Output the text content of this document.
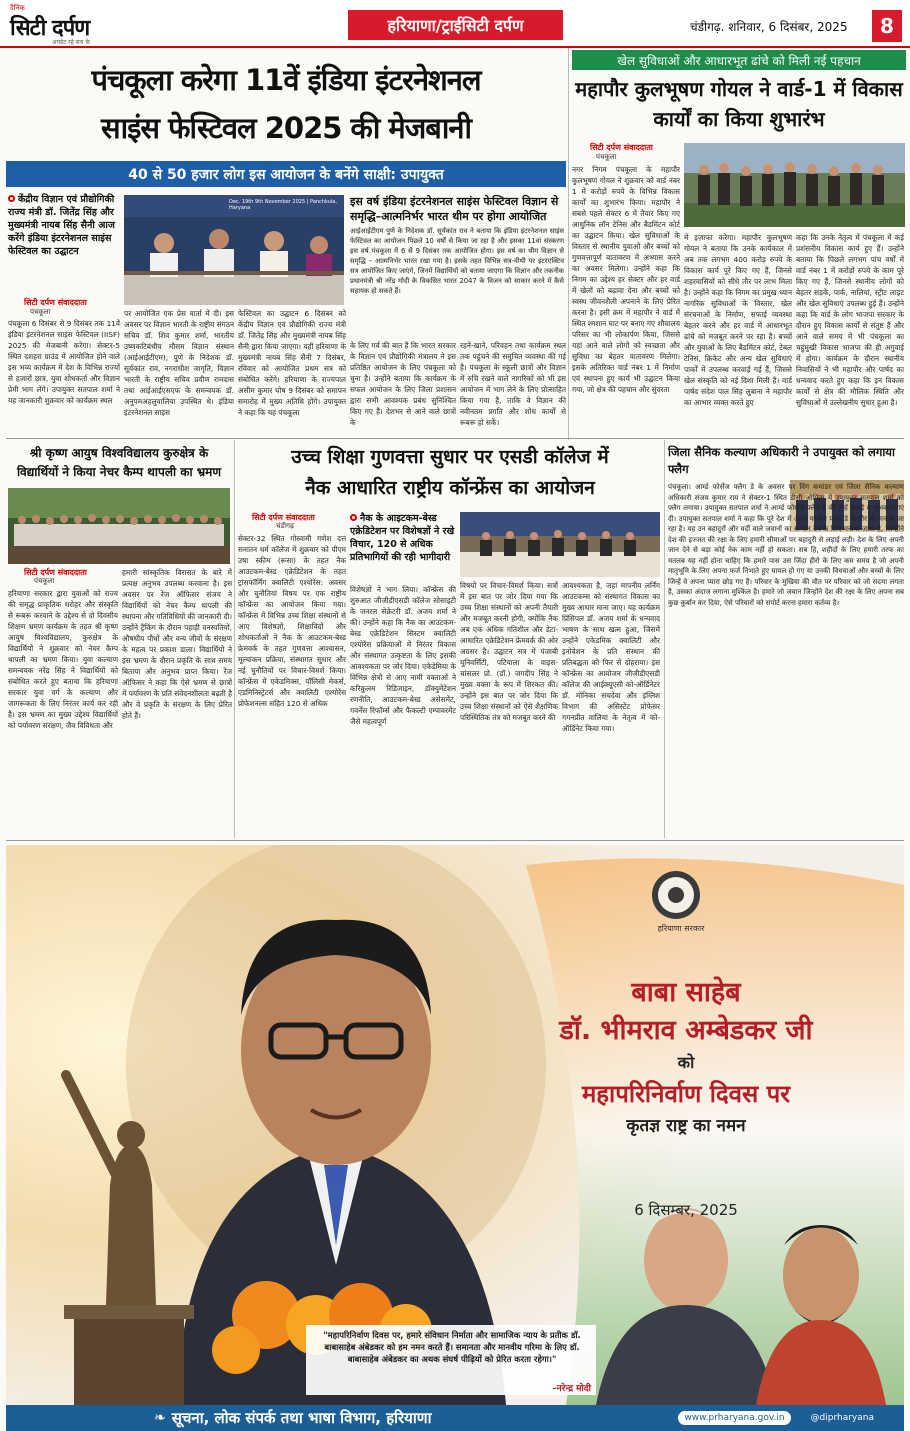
दैनिक
सिटी दर्पण
अपडेट रहे सच के
हरियाणा/ट्राईसिटी दर्पण	चंडीगढ़. शनिवार, 6 दिसंबर, 2025	8
पंचकूला करेगा 11वें इंडिया इंटरनेशनल
साइंस फेस्टिवल 2025 की मेजबानी
40 से 50 हजार लोग इस आयोजन के बनेंगे साक्षी: उपायुक्त
केंद्रीय विज्ञान एवं प्रौद्योगिकी राज्य मंत्री डॉ. जितेंद्र सिंह और मुख्यमंत्री नायब सिंह सैनी आज करेंगे इंडिया इंटरनेशनल साइंस फेस्टिवल का उद्घाटन
सिटी दर्पण संवाददाता
पंचकूला
पंचकूला 6 दिसंबर से 9 दिसंबर तक 11वें इंडिया इंटरनेशनल साइंस फेस्टिवल (IISF) 2025 की मेजबानी करेगा। सेक्टर-5 स्थित दशहरा ग्राउंड में आयोजित होने वाले इस भव्य कार्यक्रम में देश के विभिन्न राज्यों से हजारों छात्र, युवा शोधकर्ता और विज्ञान प्रेमी भाग लेंगे। उपायुक्त सतपाल शर्मा ने यह जानकारी शुक्रवार को कार्यक्रम स्थल
Dec. 19th 9th November 2025 | Panchkula, Haryana
पर आयोजित एक प्रेस वार्ता में दी। इस अवसर पर विज्ञान भारती के राष्ट्रीय संगठन सचिव डॉ. शिव कुमार शर्मा, भारतीय उष्णकटिबंधीय मौसम विज्ञान संस्थान (आईआईटीएम), पुणे के निदेशक डॉ. सूर्यकांत राव, नगराधीश जागृति, विज्ञान भारती के राष्ट्रीय सचिव प्रवीण रामदास तथा आईआईएसएफ के समन्वयक डॉ. अनुपमअहलुवालिया उपस्थित थे। इंडिया इंटरनेशनल साइंस
फेस्टिवल का उद्घाटन 6 दिसंबर को केंद्रीय विज्ञान एवं प्रौद्योगिकी राज्य मंत्री डॉ. जितेंद्र सिंह और मुख्यमंत्री नायब सिंह सैनी द्वारा किया जाएगा। वहीं हरियाणा के मुख्यमंत्री नायब सिंह सैनी 7 दिसंबर, रविवार को आयोजित प्रथम सत्र को संबोधित करेंगे। हरियाणा के राज्यपाल असीम कुमार घोष 9 दिसंबर को समापन समारोह में मुख्य अतिथि होंगे। उपायुक्त ने कहा कि यह पंचकूला
इस वर्ष इंडिया इंटरनेशनल साइंस फेस्टिवल विज्ञान से समृद्धि–आत्मनिर्भर भारत थीम पर होगा आयोजित
आईआईटीएम पुणे के निदेशक डॉ. सूर्यकांत राव ने बताया कि इंडिया इंटरनेशनल साइंस फेस्टिवल का आयोजन पिछले 10 वर्षों से किया जा रहा है और इसका 11वां संस्करण इस वर्ष पंचकूला में 6 से 9 दिसंबर तक आयोजित होगा। इस वर्ष का थीम विज्ञान से समृद्धि – आत्मनिर्भर भारत रखा गया है। इसके तहत विभिन्न सत्र-वीथी पर इंटरएक्टिव सत्र आयोजित किए जाएंगे, जिनमें विद्यार्थियों को बताया जाएगा कि विज्ञान और तकनीक प्रधानमंत्री श्री नरेंद्र मोदी के विकसित भारत 2047 के विजन को साकार करने में कैसे सहायक हो सकते हैं।
के लिए गर्व की बात है कि भारत सरकार के विज्ञान एवं प्रौद्योगिकी मंत्रालय ने इस प्रतिष्ठित आयोजन के लिए पंचकूला को चुना है। उन्होंने बताया कि कार्यक्रम के सफल आयोजन के लिए जिला प्रशासन द्वारा सभी आवश्यक प्रबंध सुनिश्चित किए गए हैं। देशभर से आने वाले छात्रों के
रहने-खाने, परिवहन तथा कार्यक्रम स्थल तक पहुंचने की समुचित व्यवस्था की गई है। पंचकूला के स्कूली छात्रों और विज्ञान में रुचि रखने वाले नागरिकों को भी इस आयोजन में भाग लेने के लिए प्रोत्साहित किया गया है, ताकि वे विज्ञान की नवीनतम प्रगति और शोध कार्यों से रूबरू हो सकें।
खेल सुविधाओं और आधारभूत ढांचे को मिली नई पहचान
महापौर कुलभूषण गोयल ने वार्ड-1 में विकास कार्यों का किया शुभारंभ
सिटी दर्पण संवाददाता
पंचकूला
नगर निगम पंचकूला के महापौर कुलभूषण गोयल ने शुक्रवार को वार्ड नंबर 1 में करोड़ों रुपये के विभिन्न विकास कार्यों का शुभारंभ किया। महापौर ने सबसे पहले सेक्टर 6 में तैयार किए गए आधुनिक लॉन टेनिस और बैडमिंटन कोर्ट का उद्घाटन किया। खेल सुविधाओं के विस्तार से स्थानीय युवाओं और बच्चों को गुणवत्तापूर्ण वातावरण में अभ्यास करने का अवसर मिलेगा। उन्होंने कहा कि निगम का उद्देश्य हर सेक्टर और हर वार्ड में खेलों को बढ़ावा देना और बच्चों को स्वस्थ जीवनशैली अपनाने के लिए प्रेरित करना है। इसी क्रम में महापौर ने वार्ड में स्थित श्मशान घाट पर बनाए गए शौचालय परिसर का भी लोकार्पण किया, जिससे यहां आने वाले लोगों को स्वच्छता और सुविधा का बेहतर वातावरण मिलेगा। इसके अतिरिक्त वार्ड नंबर 1 में निर्माण एवं स्थापना हुए कार्य भी उद्घाटन किया गया, जो क्षेत्र की पहचान और सुंदरता
में इज़ाफा करेगा। महापौर कुलभूषण गोयल ने बताया कि उनके कार्यकाल में अब तक लगभग 400 करोड़ रुपये के विकास कार्य पूरे किए गए हैं, जिनसे शहरवासियों को सीधे तौर पर लाभ मिला है। उन्होंने कहा कि निगम का प्रमुख ध्यान नागरिक सुविधाओं के विस्तार, खेल संरचनाओं के निर्माण, सफाई व्यवस्था बेहतर करने और हर वार्ड में आधारभूत ढांचे को मजबूत करने पर रहा है। बच्चों और युवाओं के लिए बैडमिंटन कोर्ट, टेबल टेनिस, क्रिकेट और अन्य खेल सुविधाएं पार्कों में उपलब्ध करवाई गई हैं, जिससे खेल संस्कृति को नई दिशा मिली है। वार्ड पार्षद संदेश पाल सिंह लुबाना ने महापौर का आभार व्यक्त करते हुए
कहा कि उनके नेतृत्व में पंचकूला में कई प्रशंसनीय विकास कार्य हुए हैं। उन्होंने बताया कि पिछले लगभग पांच वर्षों में वार्ड नंबर 1 में करोड़ों रुपये के काम पूरे किए गए हैं, जिनसे स्थानीय लोगों को बेहतर सड़कें, पार्क, नालियां, स्ट्रीट लाइट और खेल सुविधाएं उपलब्ध हुई हैं। उन्होंने कहा कि वार्ड के लोग भाजपा सरकार के दौरान हुए विकास कार्यों से संतुष्ट हैं और आने वाले समय में भी पंचकूला का चहुंमुखी विकास भाजपा की ही अगुवाई में होगा। कार्यक्रम के दौरान स्थानीय निवासियों ने भी महापौर और पार्षद का धन्यवाद करते हुए कहा कि इन विकास कार्यों से क्षेत्र की मौलिक स्थिति और सुविधाओं में उल्लेखनीय सुधार हुआ है।
श्री कृष्ण आयुष विश्वविद्यालय कुरुक्षेत्र के विद्यार्थियों ने किया नेचर कैम्प थापली का भ्रमण
सिटी दर्पण संवाददाता
पंचकूला
हरियाणा सरकार द्वारा युवाओं को राज्य की समृद्ध प्राकृतिक धरोहर और संस्कृति से रूबरू करवाने के उद्देश्य से दो दिवसीय शिक्षण भ्रमण कार्यक्रम के तहत श्री कृष्ण आयुष विश्वविद्यालय, कुरुक्षेत्र के विद्यार्थियों ने शुक्रवार को नेचर कैम्प थापली का भ्रमण किया। युवा कल्याण समन्वयक नरेंद्र सिंह ने विद्यार्थियों को संबोधित करते हुए बताया कि हरियाणा सरकार युवा वर्ग के कल्याण और जागरूकता के लिए निरंतर कार्य कर रही है। इस भ्रमण का मुख्य उद्देश्य विद्यार्थियों को पर्यावरण संरक्षण, जैव विविधता और
हमारी सांस्कृतिक विरासत के बारे में प्रत्यक्ष अनुभव उपलब्ध करवाना है। इस अवसर पर रेंज ऑफिसर संजय ने विद्यार्थियों को नेचर कैम्प थापली की स्थापना और गतिविधियों की जानकारी दी। उन्होंने ट्रैकिंग के दौरान पहाड़ी वनस्पतियों, औषधीय पौधों और वन्य जीवों के संरक्षण के महत्व पर प्रकाश डाला। विद्यार्थियों ने इस भ्रमण के दौरान प्रकृति के साथ समय बिताया और अनुभव प्राप्त किया। रेंज ऑफिसर ने कहा कि ऐसे भ्रमण से छात्रों में पर्यावरण के प्रति संवेदनशीलता बढ़ती है और वे प्रकृति के संरक्षण के लिए प्रेरित होते हैं।
उच्च शिक्षा गुणवत्ता सुधार पर एसडी कॉलेज में
नैक आधारित राष्ट्रीय कॉन्फ्रेंस का आयोजन
सिटी दर्पण संवाददाता
चंडीगढ़
सेक्टर-32 स्थित गोस्वामी गणेश दत्त सनातन धर्म कॉलेज में शुक्रवार को पीएम उषा स्कीम (रूसा) के तहत नैक आउटकम-बेस्ड एक्रेडिटेशन के तहत ट्रांसफॉर्मिंग क्वालिटी एश्योरेंस: अवसर और चुनौतियां विषय पर एक राष्ट्रीय कॉन्फ्रेंस का आयोजन किया गया। कॉन्फ्रेंस में विभिन्न उच्च शिक्षा संस्थानों से आए विशेषज्ञों, शिक्षाविदों और शोधकर्ताओं ने नैक के आउटकम-बेस्ड फ्रेमवर्क के तहत गुणवत्ता आश्वासन, मूल्यांकन प्रक्रिया, संस्थागत सुधार और नई चुनौतियों पर विचार-विमर्श किया। कॉन्फ्रेंस में एकेडमिक्स, पॉलिसी मेकर्स, एडमिनिस्ट्रेटर्स और क्वालिटी एश्योरेंस प्रोफेशनल्स सहित 120 से अधिक
नैक के आइटकम-बेस्ड एक्रेडिटेशन पर विशेषज्ञों ने रखे विचार, 120 से अधिक प्रतिभागियों की रही भागीदारी
विशेषज्ञों ने भाग लिया। कॉन्फ्रेंस की शुरुआत जीजीडीएसडी कॉलेज सोसाइटी के जनरल सेक्रेटरी डॉ. अजय शर्मा ने की। उन्होंने कहा कि नैक का आउटकम-बेस्ड एक्रेडिटेशन सिस्टम क्वालिटी एश्योरेंस प्रक्रियाओं में निरंतर विकास और संस्थागत उत्कृष्टता के लिए इसकी आवश्यकता पर जोर दिया। एकेडेमिया के विभिन्न क्षेत्रों से आए नामी वक्ताओं ने करिकुलम रिडिजाइन, डॉक्युमेंटेशन रणनीति, आउटकम-बेस्ड असेसमेंट, गवर्नेंस रिफॉर्म्स और फैकल्टी एम्पावरमेंट जैसे महत्वपूर्ण
विषयों पर विचार-विमर्श किया। सत्रों में इस बात पर जोर दिया गया कि उच्च शिक्षा संस्थानों को अपनी तैयारी और मजबूत करनी होगी, क्योंकि नैक अब एक अधिक गतिशील और डेटा-आधारित एक्रेडिटेशन फ्रेमवर्क की ओर अग्रसर है। उद्घाटन सत्र में पंजाबी यूनिवर्सिटी, पटियाला के वाइस-चांसलर प्रो. (डॉ.) जगदीप सिंह ने मुख्य वक्ता के रूप में शिरकत की। उन्होंने इस बात पर जोर दिया कि उच्च शिक्षा संस्थानों को ऐसे शैक्षणिक परिस्थितिक तंत्र को मजबूत करने की
आवश्यकता है, जहां मापनीय लर्निंग आउटकम्स को संस्थागत विकास का मुख्य आधार माना जाए। यह कार्यक्रम प्रिंसिपल डॉ. अजय शर्मा के धन्यवाद भाषण के साथ खत्म हुआ, जिसमें उन्होंने एकेडमिक क्वालिटी और इनोवेशन के प्रति संस्थान की प्रतिबद्धता को फिर से दोहराया। इस कॉन्फ्रेंस का आयोजन जीजीडीएसडी कॉलेज की आईक्यूएसी को-ऑर्डिनेटर डॉ. मोनिका सचदेवा और इंग्लिश विभाग की असिस्टेंट प्रोफेसर गगनप्रीत वालिया के नेतृत्व में को-ऑर्डिनेट किया गया।
जिला सैनिक कल्याण अधिकारी ने उपायुक्त को लगाया फ्लैग
पंचकूला। आर्म्ड फोर्सेज फ्लैग डे के अवसर पर विंग कमांडर एवं जिला सैनिक कल्याण अधिकारी संजय कुमार राय ने सेक्टर-1 स्थित डीसी ऑफिस में उपायुक्त सतपाल शर्मा को फ्लैग लगाया। उपायुक्त सतपाल शर्मा ने आर्म्ड फोर्सेज फ्लैग डे की उन्हें बधाई व शुभकामनाएं दी। उपायुक्त सतपाल शर्मा ने कहा कि पूरे देश में आर्म्ड फोर्सेज फ्लैग डे के तौर पर मनाया जा रहा है। यह उन बहादुरों और वर्दी वाले जवानों का सम्मान देने के लिए मनाया जाता है, जिन्होंने देश की इज्जत की रक्षा के लिए हमारी सीमाओं पर बहादुरी से लड़ाई लड़ी। देश के लिए अपनी जान देने से बड़ा कोई नेक काम नहीं हो सकता। सब हि, शहीदों के लिए हमारी तरफ का मतलब यह नहीं होना चाहिए कि हमारे पास उस जिंदा हीरो के लिए कम समय है जो अपनी मातृभूमि के लिए अपना फर्ज निभाते हुए घायल हो गए या उनकी विधवाओं और बच्चों के लिए जिन्हें वे अपना प्यारा छोड़ गए हैं। परिवार के मुखिया की मौत पर परिवार को जो सदमा लगता है, उसका अंदाज लगाना मुश्किल है। हमारे जो जवान जिन्होंने देश की रक्षा के लिए अपना सब कुछ कुर्बान कर दिया, ऐसे परिवारों को सपोर्ट करना हमारा कर्तव्य है।
हरियाणा सरकार
बाबा साहेब
डॉ. भीमराव अम्बेडकर जी
को
महापरिनिर्वाण दिवस पर
कृतज्ञ राष्ट्र का नमन
6 दिसम्बर, 2025
"महापरिनिर्वाण दिवस पर, हमारे संविधान निर्माता और सामाजिक न्याय के प्रतीक डॉ. बाबासाहेब अंबेडकर को हम नमन करते हैं। समानता और मानवीय गरिमा के लिए डॉ. बाबासाहेब अंबेडकर का अथक संघर्ष पीढ़ियों को प्रेरित करता रहेगा।"
–नरेन्द्र मोदी
❧ सूचना, लोक संपर्क तथा भाषा विभाग, हरियाणा	www.prharyana.gov.in	@diprharyana
